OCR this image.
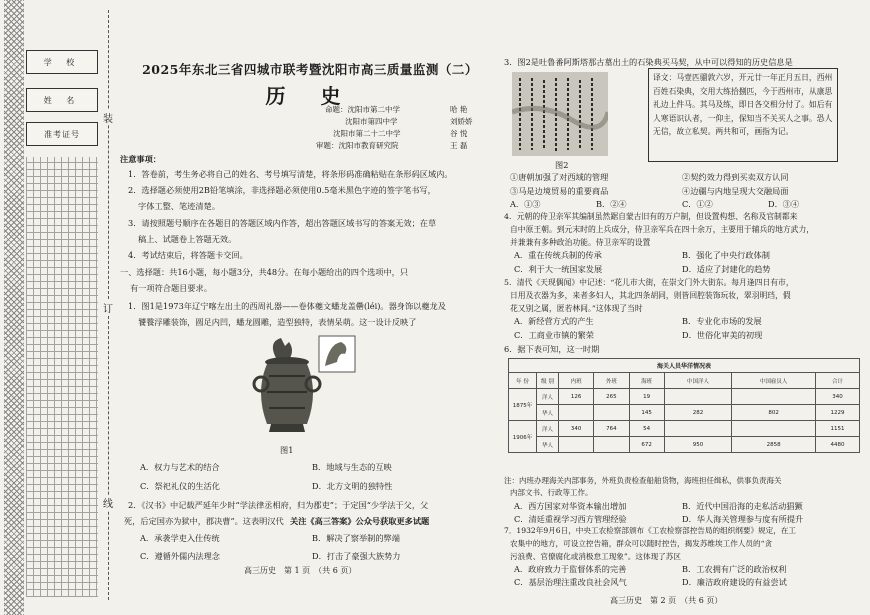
学 校
姓 名
准考证号
装
订
线
2025年东北三省四城市联考暨沈阳市高三质量监测（二）
历 史
命题：沈阳市第二中学	哈 艳
沈阳市第四中学	刘娇娇
沈阳市第二十二中学	谷 悦
审题：沈阳市教育研究院	王 磊
注意事项：
1．答卷前，考生务必将自己的姓名、考号填写清楚，将条形码准确粘贴在条形码区域内。
2．选择题必须使用2B铅笔填涂，非选择题必须使用0.5毫米黑色字迹的签字笔书写，
字体工整、笔迹清楚。
3．请按照题号顺序在各题目的答题区域内作答，超出答题区域书写的答案无效；在草
稿上、试题卷上答题无效。
4．考试结束后，将答题卡交回。
一、选择题：共16小题，每小题3分，共48分。在每小题给出的四个选项中，只
有一项符合题目要求。
1．图1是1973年辽宁喀左出土的西周礼器——卷体夔文蟠龙盖罍(léi)。器身饰以夔龙及
饕餮浮雕装饰，圆足内凹，蟠龙圆雕，造型独特，表情呆萌。这一设计反映了
图1
A．权力与艺术的结合	B．地域与生态的互映
C．祭祀礼仪的生活化	D．北方文明的独特性
2．《汉书》中记载严延年少时“学法律丞相府，归为郡吏”；于定国“少学法于父，父
死，后定国亦为狱中，郡决曹”。这表明汉代 关注《高三答案》公众号获取更多试题
A．承袭学吏入仕传统	B．解决了察举制的弊端
C．遵循外儒内法理念	D．打击了豪强大族势力
高三历史　第 1 页　（共 6 页）
3．图2是吐鲁番阿斯塔那古墓出土的石染典买马契，从中可以得知的历史信息是
图2
译文：马壹匹骝敦六岁，开元廿一年正月五日，西州百姓石染典，交用大练拾捌匹，今于西州市，从康思礼边上件马。其马及练，即日各交相分付了。如后有人寒语识认者，一仰主，保知当不关买人之事。恐人无信，故立私契。两共和可，画指为记。
①唐朝加强了对西域的管理	②契约效力得到买卖双方认同
③马是边境贸易的重要商品	④边疆与内地呈现大交融局面
A．①③	B．②④	C．①②	D．③④
4．元朝的侍卫亲军其编制虽然踞自蒙古旧有的万户制，但设置构想、名称及官制都来
自中原王朝。到元末时的上兵成分，侍卫亲军兵在四十余万，主要用于辅兵的地方武力，
并兼兼有多种政治功能。侍卫亲军的设置
A．重在传统兵制的传承	B．强化了中央行政体制
C．利于大一统国家发展	D．适应了封建化的趋势
5．清代《天现偶闻》中记述：“花儿市大街，在崇文门外大街东。每月逢四日有市，
日用及衣器为多，来者多妇人，其北四条胡同，则皆回腔装饰玩妆，翠羽明珰，假
花又别之属，匿若林间。”这体现了当时
A．新经营方式的产生	B．专业化市场的发展
C．工商业市镇的繁荣	D．世俗化审美的初现
6．据下表可知，这一时期
海关人员华洋情况表							
年 份	级 别	内班	外班	海班	中国洋人	中国雇员人	合计
1875年	洋人	126	265	19			340
	华人			145	282	802	1229
1906年	洋人	340	764	54			1151
	华人			672	950	2858	4480
注：内班办理海关内部事务，外班负责检查船舶货物，海班担任缉私，供事负责海关
内部文书、行政等工作。
A．西方国家对华资本输出增加	B．近代中国沿海的走私活动猖獗
C．清廷重视学习西方管理经验	D．华人海关管理参与度有所提升
7．1932年9月6日，中央工农检察部颁布《工农检察部控告局的组织纲要》规定，在工
农集中的地方，可设立控告箱，群众可以随时控告，揭发苏维埃工作人员的“贪
污浪费、官僚腐化或消极怠工现象”。这体现了苏区
A．政府致力于监督体系的完善	B．工农拥有广泛的政治权利
C．基层治理注重改良社会风气	D．廉洁政府建设的有益尝试
高三历史　第 2 页　（共 6 页）
